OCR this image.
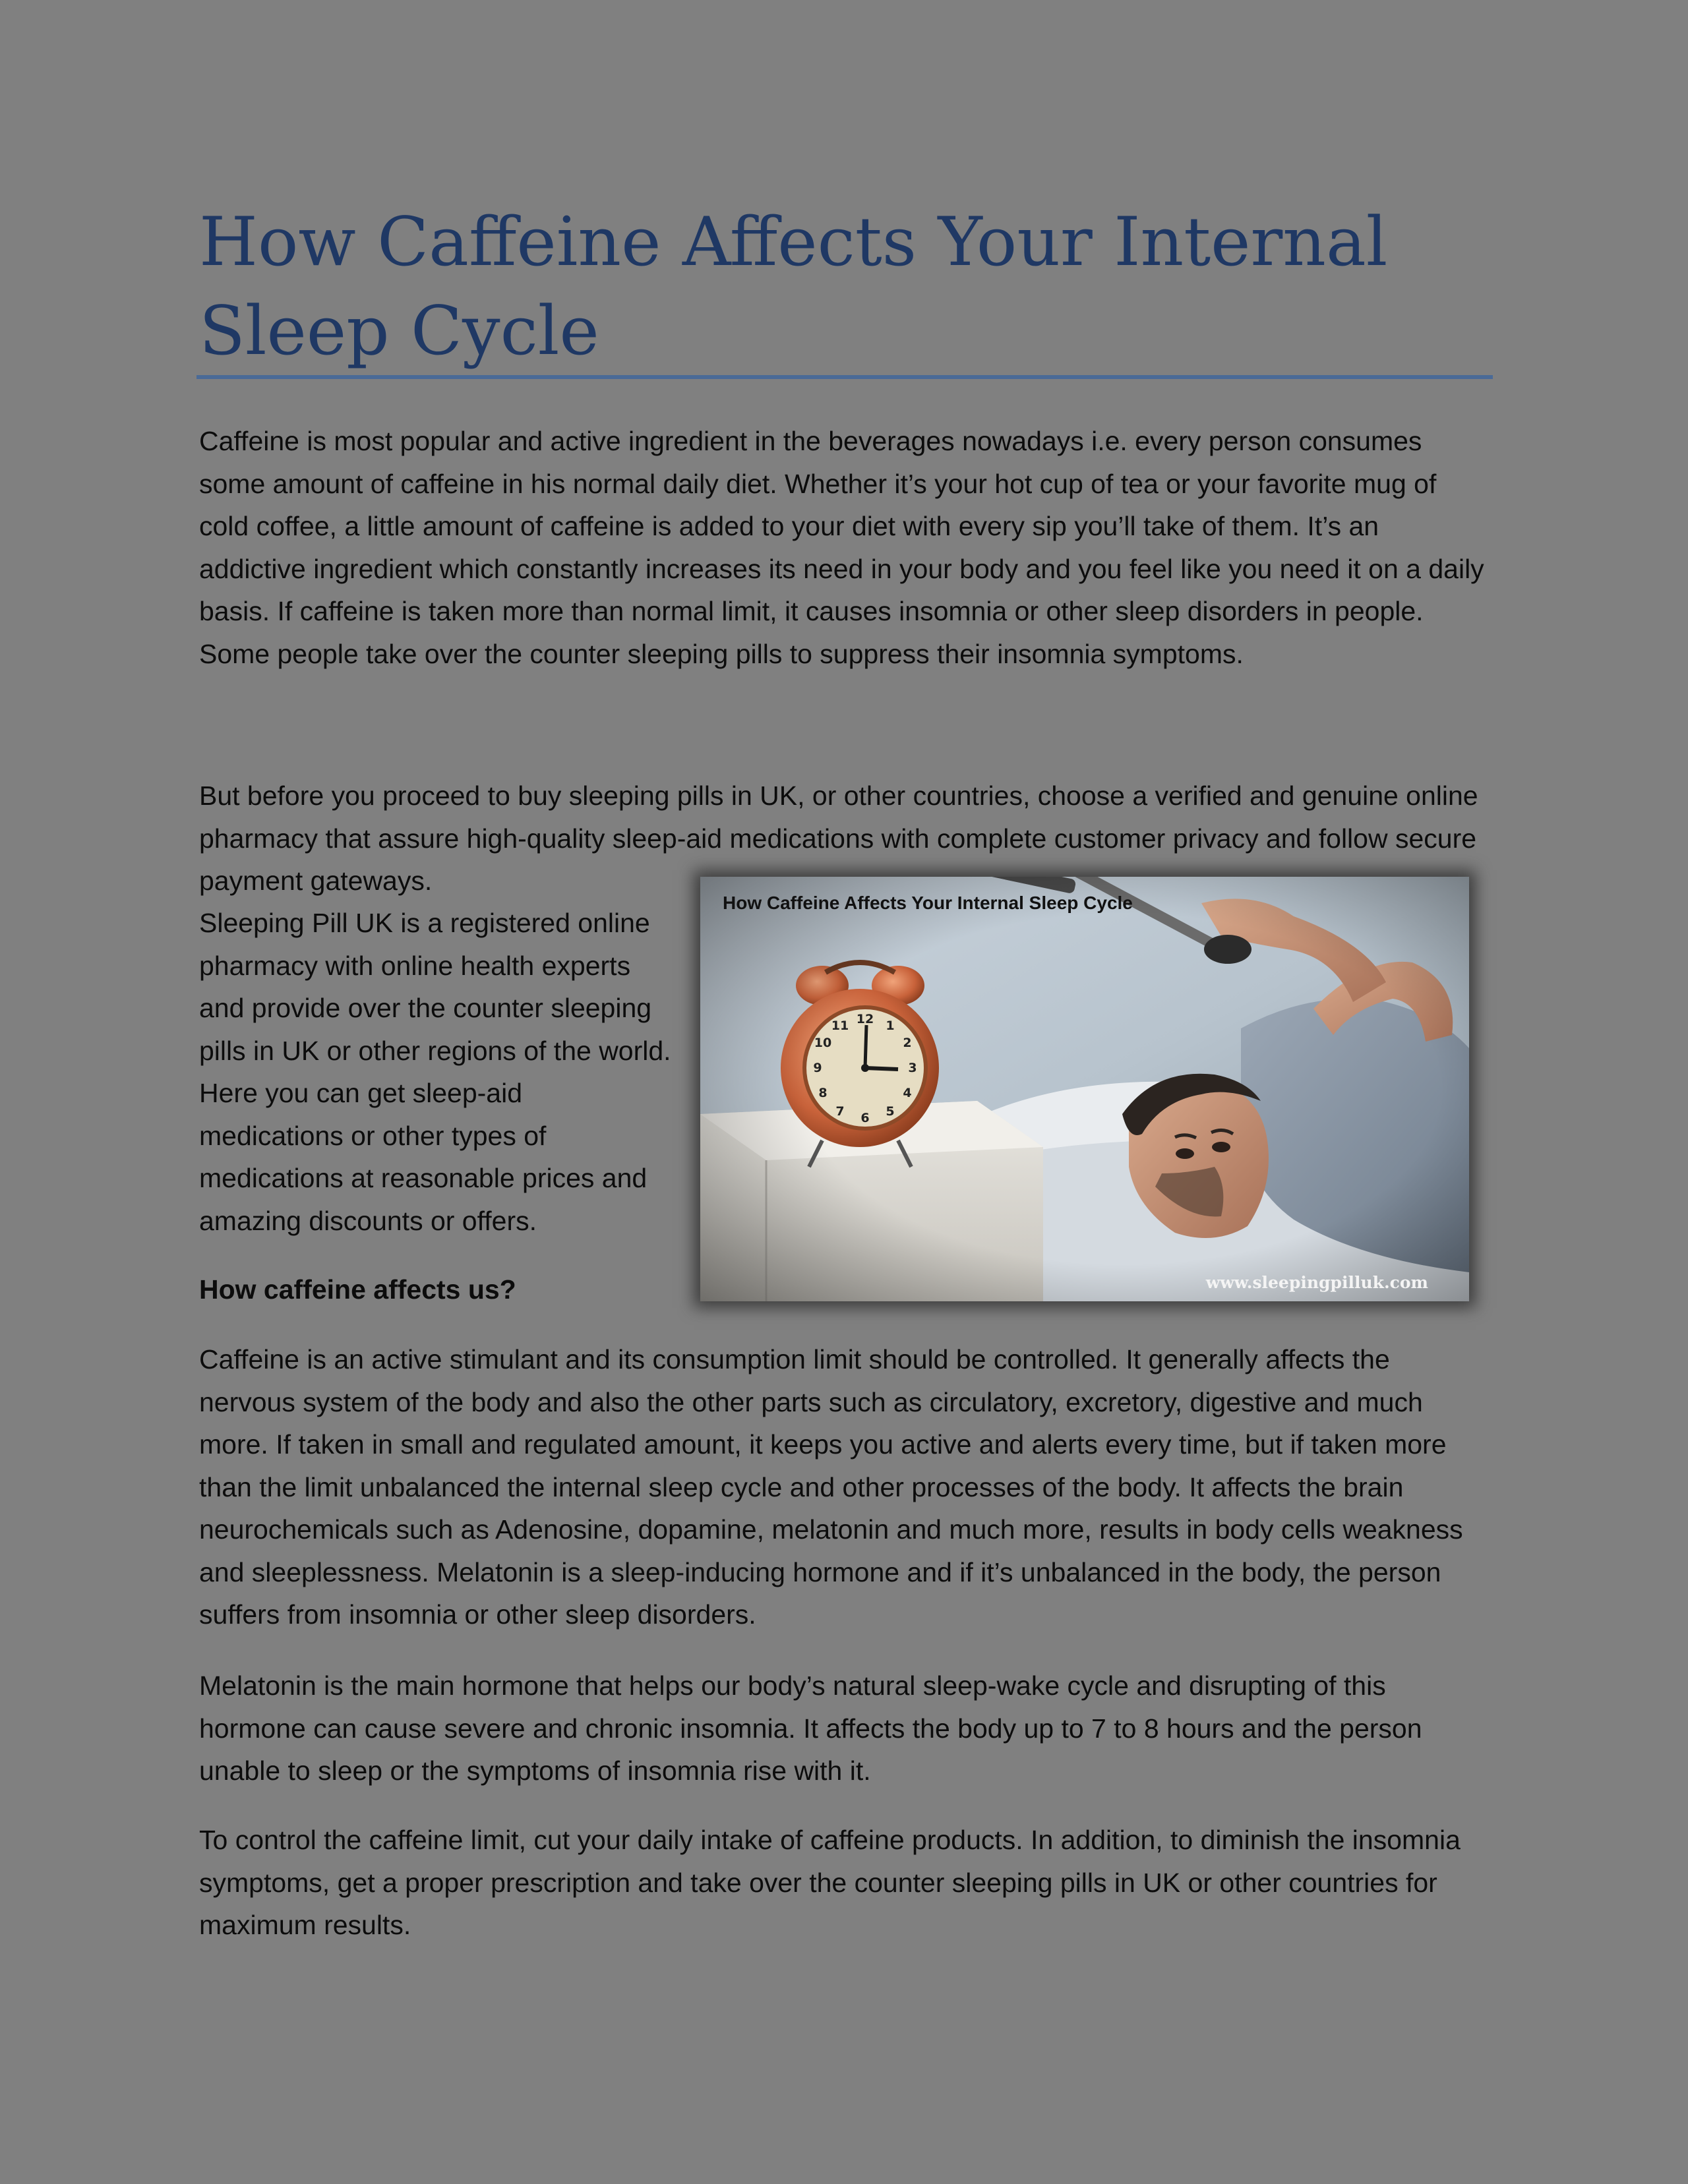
How Caffeine Affects Your Internal Sleep Cycle

Caffeine is most popular and active ingredient in the beverages nowadays i.e. every person consumes some amount of caffeine in his normal daily diet. Whether it’s your hot cup of tea or your favorite mug of cold coffee, a little amount of caffeine is added to your diet with every sip you’ll take of them. It’s an addictive ingredient which constantly increases its need in your body and you feel like you need it on a daily basis. If caffeine is taken more than normal limit, it causes insomnia or other sleep disorders in people. Some people take over the counter sleeping pills to suppress their insomnia symptoms.

But before you proceed to buy sleeping pills in UK, or other countries, choose a verified and genuine online pharmacy that assure high-quality sleep-aid medications with complete customer privacy and follow secure payment gateways.

How Caffeine Affects Your Internal Sleep Cycle

www.sleepingpilluk.com

Sleeping Pill UK is a registered online pharmacy with online health experts and provide over the counter sleeping pills in UK or other regions of the world. Here you can get sleep-aid medications or other types of medications at reasonable prices and amazing discounts or offers.

How caffeine affects us?

Caffeine is an active stimulant and its consumption limit should be controlled. It generally affects the nervous system of the body and also the other parts such as circulatory, excretory, digestive and much more. If taken in small and regulated amount, it keeps you active and alerts every time, but if taken more than the limit unbalanced the internal sleep cycle and other processes of the body. It affects the brain neurochemicals such as Adenosine, dopamine, melatonin and much more, results in body cells weakness and sleeplessness. Melatonin is a sleep-inducing hormone and if it’s unbalanced in the body, the person suffers from insomnia or other sleep disorders.

Melatonin is the main hormone that helps our body’s natural sleep-wake cycle and disrupting of this hormone can cause severe and chronic insomnia. It affects the body up to 7 to 8 hours and the person unable to sleep or the symptoms of insomnia rise with it.

To control the caffeine limit, cut your daily intake of caffeine products. In addition, to diminish the insomnia symptoms, get a proper prescription and take over the counter sleeping pills in UK or other countries for maximum results.
